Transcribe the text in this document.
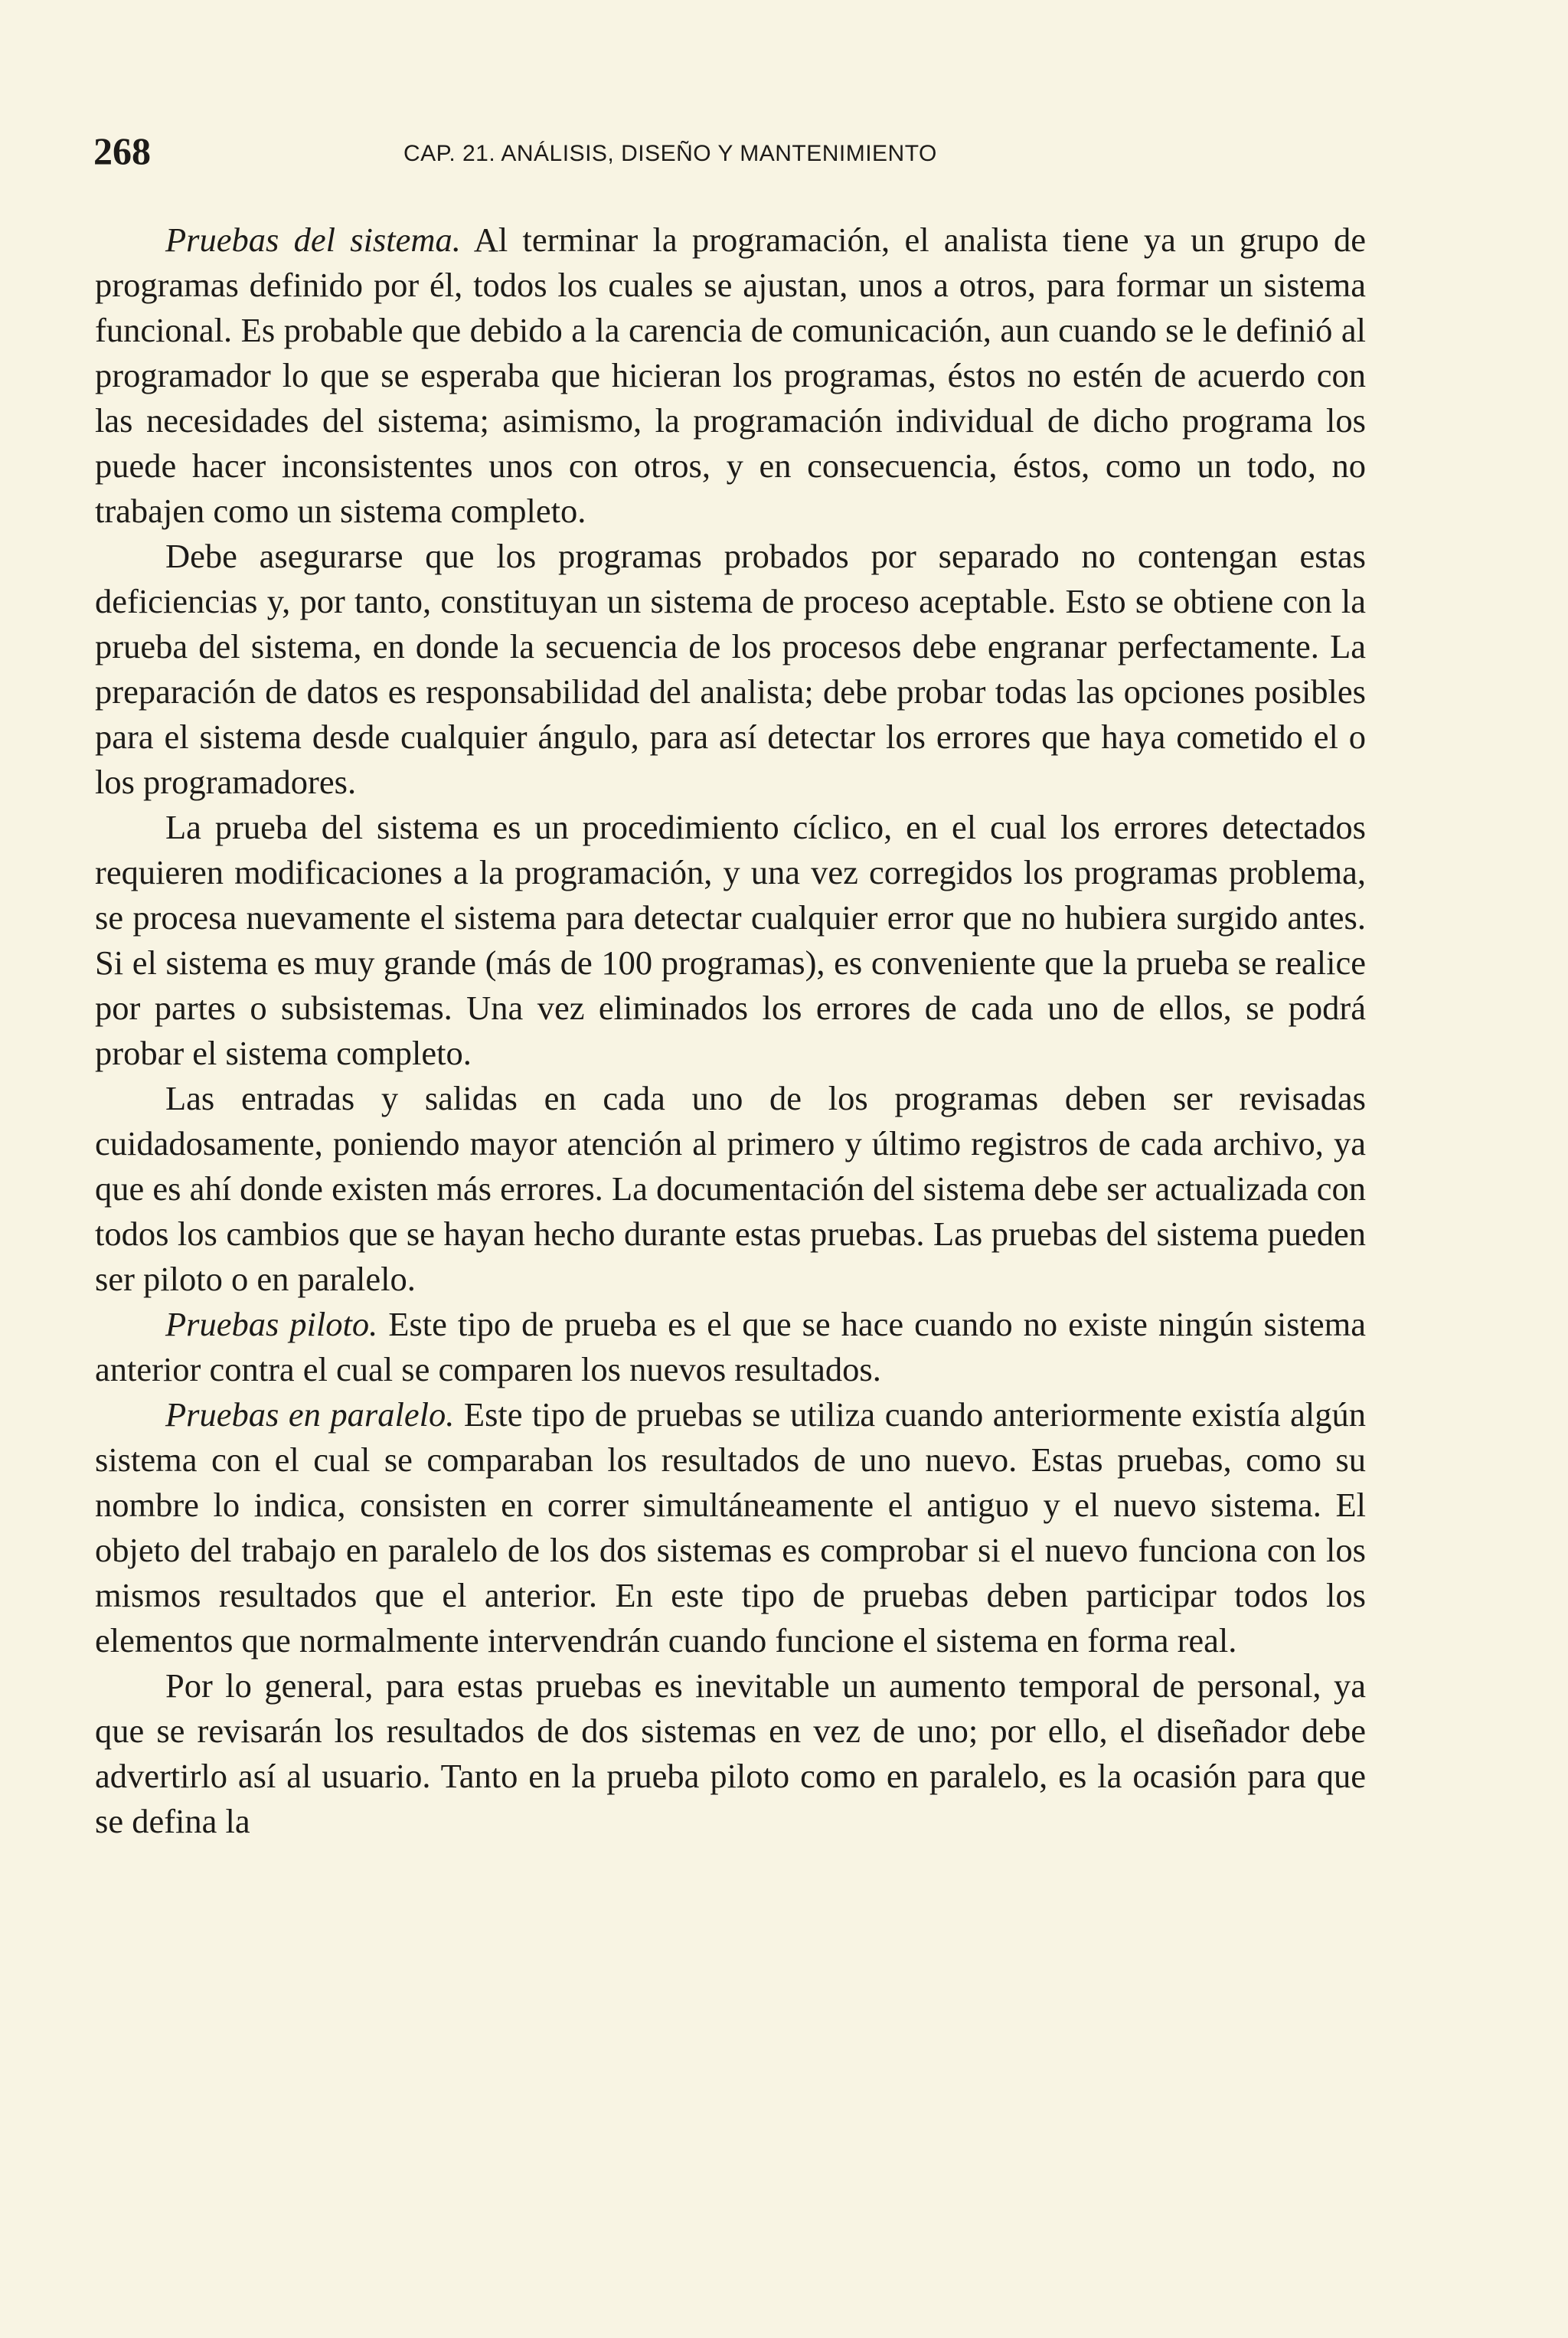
268	CAP. 21. ANÁLISIS, DISEÑO Y MANTENIMIENTO

Pruebas del sistema. Al terminar la programación, el analista tiene ya un grupo de programas definido por él, todos los cuales se ajustan, unos a otros, para formar un sistema funcional. Es probable que debido a la carencia de comunicación, aun cuando se le definió al programador lo que se esperaba que hicieran los programas, éstos no estén de acuerdo con las necesidades del sistema; asimismo, la programación individual de dicho programa los puede hacer inconsistentes unos con otros, y en consecuencia, éstos, como un todo, no trabajen como un sistema completo.

Debe asegurarse que los programas probados por separado no contengan estas deficiencias y, por tanto, constituyan un sistema de proceso aceptable. Esto se obtiene con la prueba del sistema, en donde la secuencia de los procesos debe engranar perfectamente. La preparación de datos es responsabilidad del analista; debe probar todas las opciones posibles para el sistema desde cualquier ángulo, para así detectar los errores que haya cometido el o los programadores.

La prueba del sistema es un procedimiento cíclico, en el cual los errores detectados requieren modificaciones a la programación, y una vez corregidos los programas problema, se procesa nuevamente el sistema para detectar cualquier error que no hubiera surgido antes. Si el sistema es muy grande (más de 100 programas), es conveniente que la prueba se realice por partes o subsistemas. Una vez eliminados los errores de cada uno de ellos, se podrá probar el sistema completo.

Las entradas y salidas en cada uno de los programas deben ser revisadas cuidadosamente, poniendo mayor atención al primero y último registros de cada archivo, ya que es ahí donde existen más errores. La documentación del sistema debe ser actualizada con todos los cambios que se hayan hecho durante estas pruebas. Las pruebas del sistema pueden ser piloto o en paralelo.

Pruebas piloto. Este tipo de prueba es el que se hace cuando no existe ningún sistema anterior contra el cual se comparen los nuevos resultados.

Pruebas en paralelo. Este tipo de pruebas se utiliza cuando anteriormente existía algún sistema con el cual se comparaban los resultados de uno nuevo. Estas pruebas, como su nombre lo indica, consisten en correr simultáneamente el antiguo y el nuevo sistema. El objeto del trabajo en paralelo de los dos sistemas es comprobar si el nuevo funciona con los mismos resultados que el anterior. En este tipo de pruebas deben participar todos los elementos que normalmente intervendrán cuando funcione el sistema en forma real.

Por lo general, para estas pruebas es inevitable un aumento temporal de personal, ya que se revisarán los resultados de dos sistemas en vez de uno; por ello, el diseñador debe advertirlo así al usuario. Tanto en la prueba piloto como en paralelo, es la ocasión para que se defina la
